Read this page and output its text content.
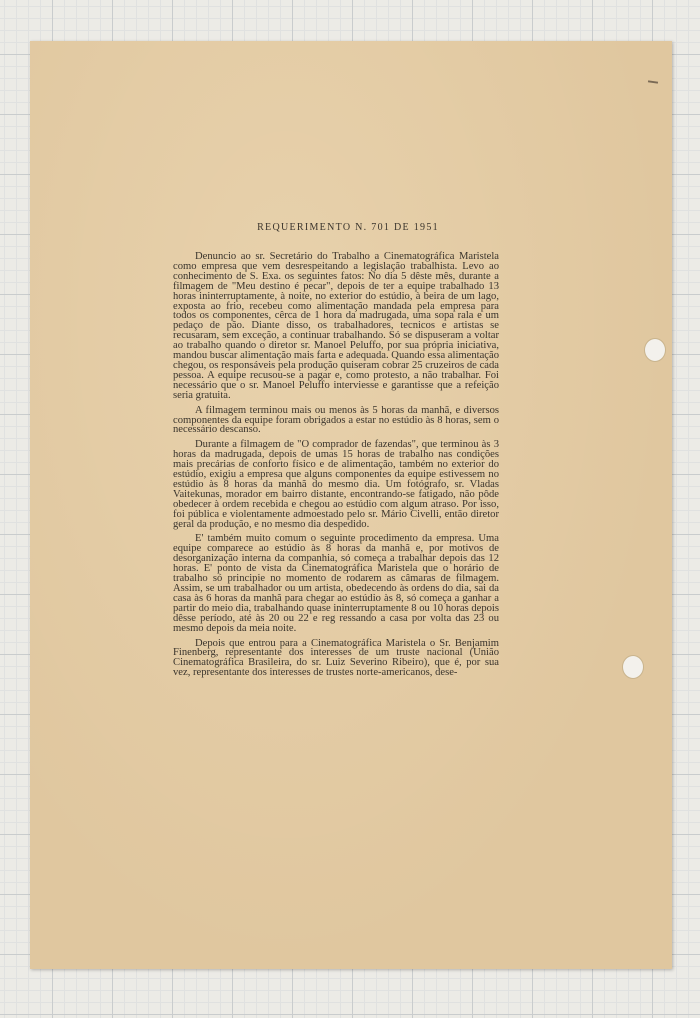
REQUERIMENTO N. 701 DE 1951

Denuncio ao sr. Secretário do Trabalho a Cinematográfica Maristela como empresa que vem desrespeitando a legislação trabalhista. Levo ao conhecimento de S. Exa. os seguintes fatos: No dia 5 dêste mês, durante a filmagem de "Meu destino é pecar", depois de ter a equipe trabalhado 13 horas ininterruptamente, à noite, no exterior do estúdio, à beira de um lago, exposta ao frio, recebeu como alimentação mandada pela empresa para todos os componentes, cêrca de 1 hora da madrugada, uma sopa rala e um pedaço de pão. Diante disso, os trabalhadores, tecnicos e artistas se recusaram, sem exceção, a continuar trabalhando. Só se dispuseram a voltar ao trabalho quando o diretor sr. Manoel Peluffo, por sua própria iniciativa, mandou buscar alimentação mais farta e adequada. Quando essa alimentação chegou, os responsáveis pela produção quiseram cobrar 25 cruzeiros de cada pessoa. A equipe recusou-se a pagar e, como protesto, a não trabalhar. Foi necessário que o sr. Manoel Peluffo interviesse e garantisse que a refeição seria gratuita.

A filmagem terminou mais ou menos às 5 horas da manhã, e diversos componentes da equipe foram obrigados a estar no estúdio às 8 horas, sem o necessário descanso.

Durante a filmagem de "O comprador de fazendas", que terminou às 3 horas da madrugada, depois de umas 15 horas de trabalho nas condições mais precárias de conforto físico e de alimentação, também no exterior do estúdio, exigiu a empresa que alguns componentes da equipe estivessem no estúdio às 8 horas da manhã do mesmo dia. Um fotógrafo, sr. Vladas Vaitekunas, morador em bairro distante, encontrando-se fatigado, não pôde obedecer à ordem recebida e chegou ao estúdio com algum atraso. Por isso, foi pública e violentamente admoestado pelo sr. Mário Civelli, então diretor geral da produção, e no mesmo dia despedido.

E' também muito comum o seguinte procedimento da empresa. Uma equipe comparece ao estúdio às 8 horas da manhã e, por motivos de desorganização interna da companhia, só começa a trabalhar depois das 12 horas. E' ponto de vista da Cinematográfica Maristela que o horário de trabalho só principie no momento de rodarem as câmaras de filmagem. Assim, se um trabalhador ou um artista, obedecendo às ordens do dia, sai da casa às 6 horas da manhã para chegar ao estúdio às 8, só começa a ganhar a partir do meio dia, trabalhando quase ininterruptamente 8 ou 10 horas depois dêsse período, até às 20 ou 22 e reg ressando a casa por volta das 23 ou mesmo depois da meia noite.

Depois que entrou para a Cinematográfica Maristela o Sr. Benjamim Finenberg, representante dos interesses de um truste nacional (União Cinematográfica Brasileira, do sr. Luiz Severino Ribeiro), que é, por sua vez, representante dos interesses de trustes norte-americanos, dese-
